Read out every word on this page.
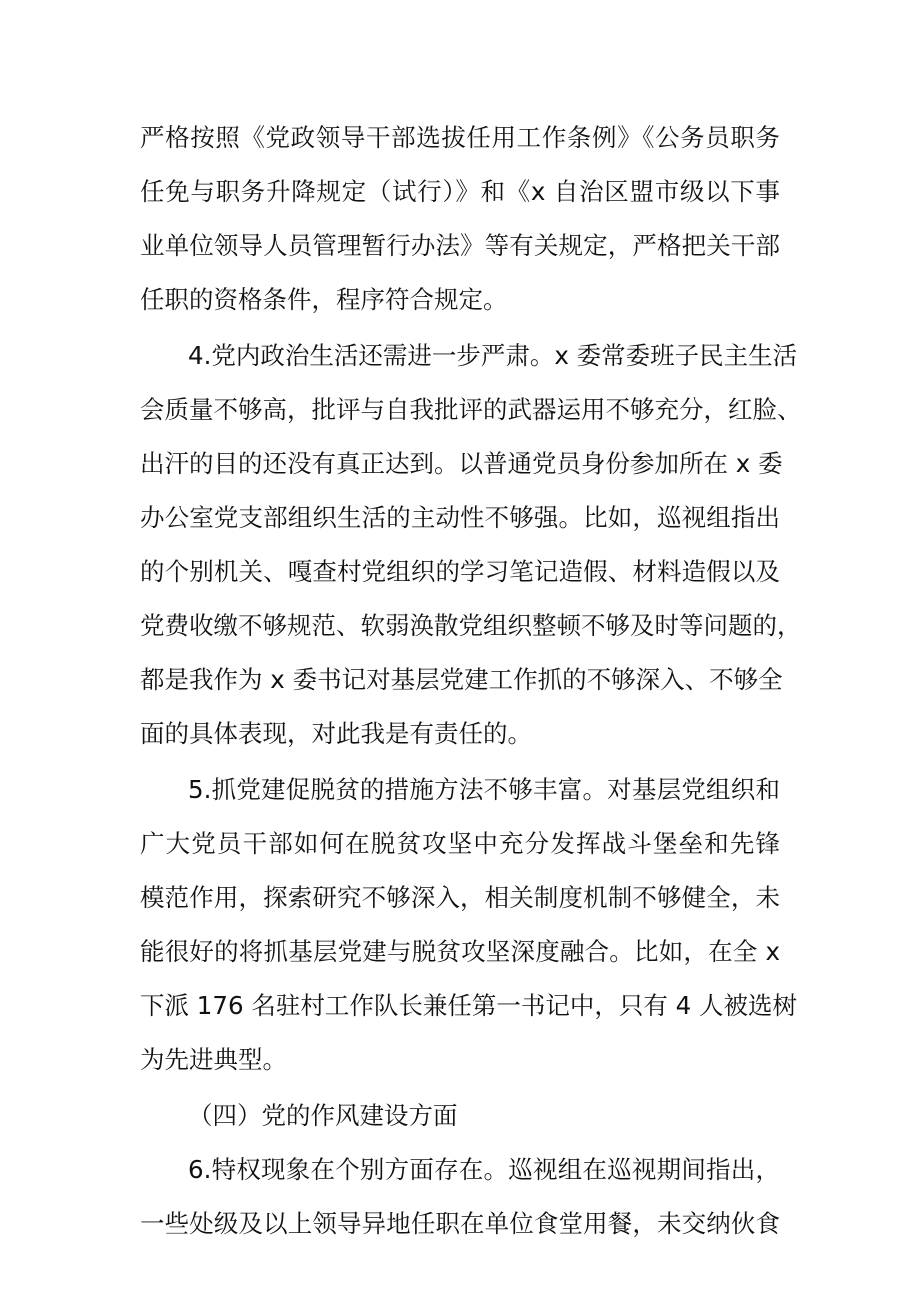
严格按照《党政领导干部选拔任用工作条例》《公务员职务
任免与职务升降规定（试行）》和《x 自治区盟市级以下事
业单位领导人员管理暂行办法》等有关规定，严格把关干部
任职的资格条件，程序符合规定。
4.党内政治生活还需进一步严肃。x 委常委班子民主生活
会质量不够高，批评与自我批评的武器运用不够充分，红脸、
出汗的目的还没有真正达到。以普通党员身份参加所在 x 委
办公室党支部组织生活的主动性不够强。比如，巡视组指出
的个别机关、嘎查村党组织的学习笔记造假、材料造假以及
党费收缴不够规范、软弱涣散党组织整顿不够及时等问题的，
都是我作为 x 委书记对基层党建工作抓的不够深入、不够全
面的具体表现，对此我是有责任的。
5.抓党建促脱贫的措施方法不够丰富。对基层党组织和
广大党员干部如何在脱贫攻坚中充分发挥战斗堡垒和先锋
模范作用，探索研究不够深入，相关制度机制不够健全，未
能很好的将抓基层党建与脱贫攻坚深度融合。比如，在全 x
下派 176 名驻村工作队长兼任第一书记中，只有 4 人被选树
为先进典型。
（四）党的作风建设方面
6.特权现象在个别方面存在。巡视组在巡视期间指出，
一些处级及以上领导异地任职在单位食堂用餐，未交纳伙食
